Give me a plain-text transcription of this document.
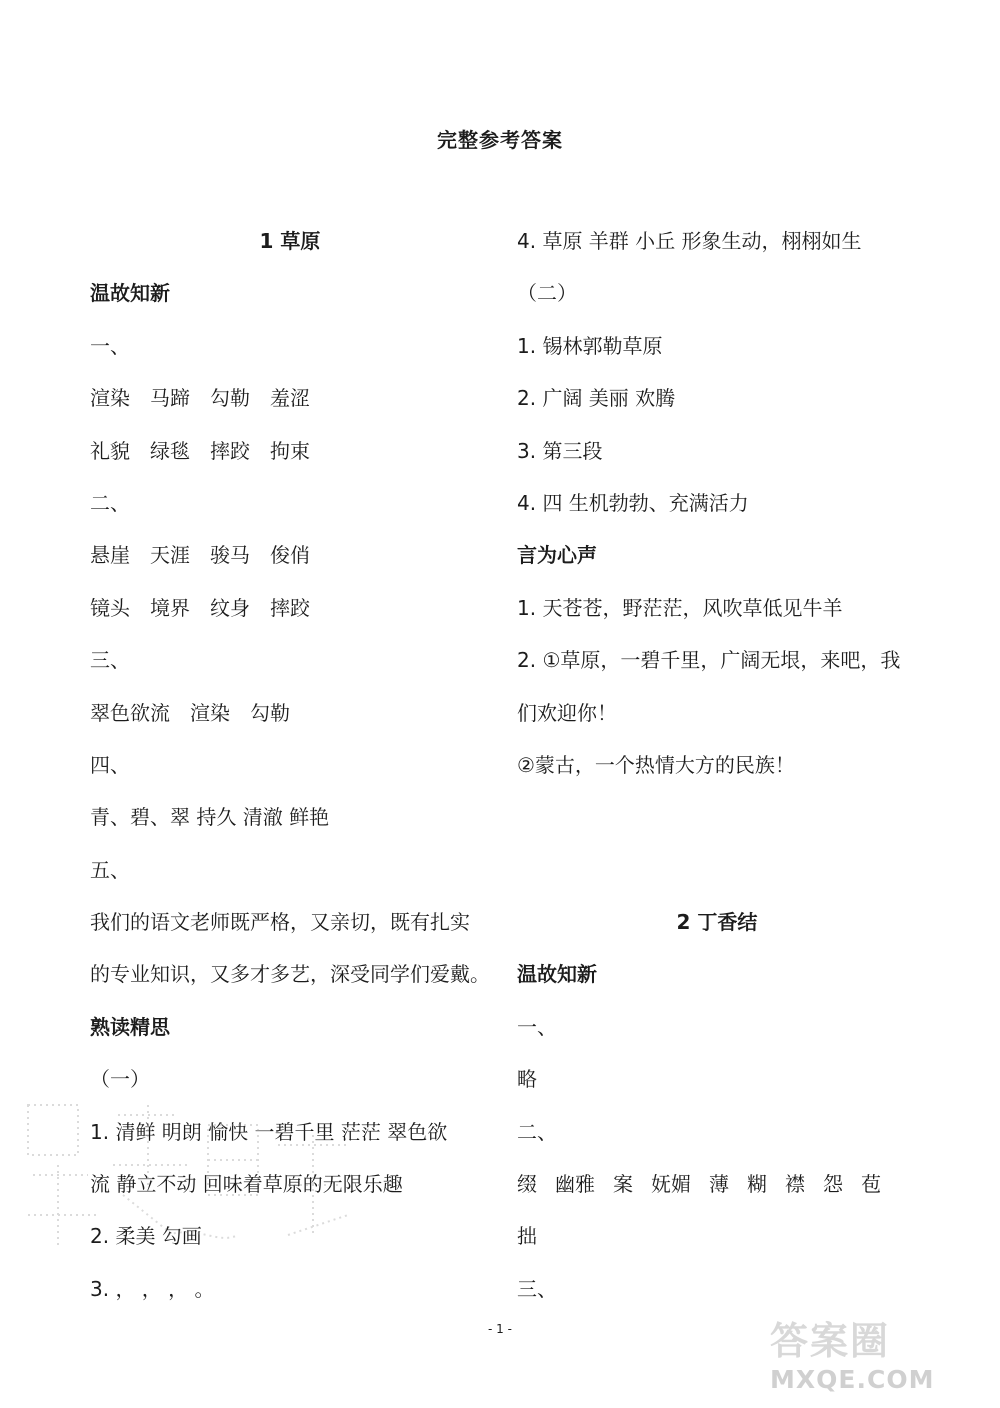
完整参考答案
1 草原
温故知新
一、
渲染 马蹄 勾勒 羞涩
礼貌 绿毯 摔跤 拘束
二、
悬崖 天涯 骏马 俊俏
镜头 境界 纹身 摔跤
三、
翠色欲流 渲染 勾勒
四、
青、碧、翠 持久 清澈 鲜艳
五、
我们的语文老师既严格，又亲切，既有扎实
的专业知识，又多才多艺，深受同学们爱戴。
熟读精思
（一）
1. 清鲜 明朗 愉快 一碧千里 茫茫 翠色欲
流 静立不动 回味着草原的无限乐趣
2. 柔美 勾画
3. ， ， ， 。
4. 草原 羊群 小丘 形象生动，栩栩如生
（二）
1. 锡林郭勒草原
2. 广阔 美丽 欢腾
3. 第三段
4. 四 生机勃勃、充满活力
言为心声
1. 天苍苍，野茫茫，风吹草低见牛羊
2. ①草原，一碧千里，广阔无垠，来吧，我
们欢迎你！
②蒙古，一个热情大方的民族！
2 丁香结
温故知新
一、
略
二、
缀 幽雅 案 妩媚 薄 糊 襟 怨 苞
拙
三、
- 1 -	答案圈
MXQE.COM
